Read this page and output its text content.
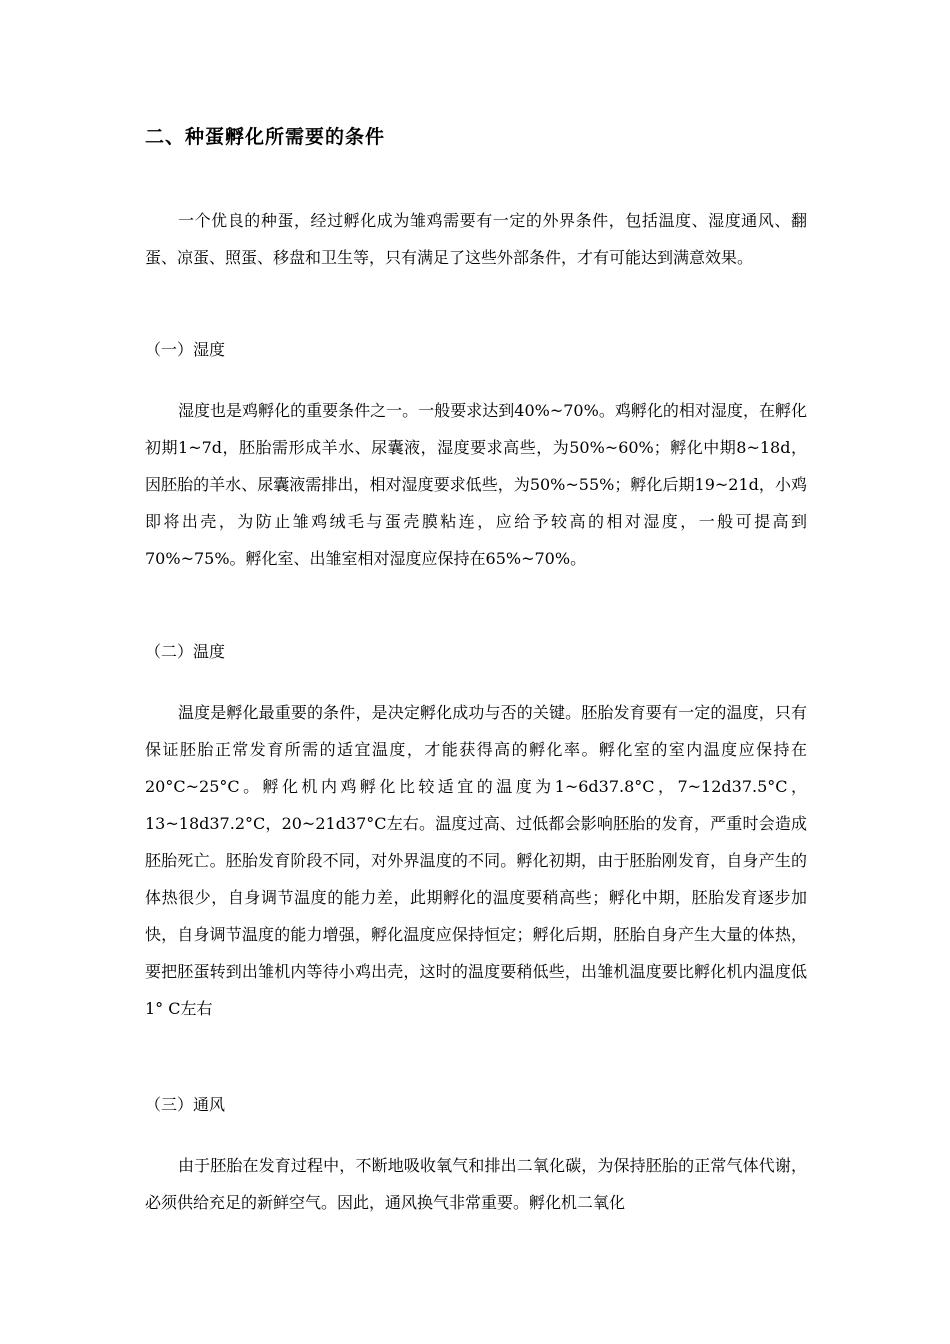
二、种蛋孵化所需要的条件

一个优良的种蛋，经过孵化成为雏鸡需要有一定的外界条件，包括温度、湿度通风、翻蛋、凉蛋、照蛋、移盘和卫生等，只有满足了这些外部条件，才有可能达到满意效果。

（一）湿度

湿度也是鸡孵化的重要条件之一。一般要求达到40%~70%。鸡孵化的相对湿度，在孵化初期1~7d，胚胎需形成羊水、尿囊液，湿度要求高些，为50%~60%；孵化中期8~18d，因胚胎的羊水、尿囊液需排出，相对湿度要求低些，为50%~55%；孵化后期19~21d，小鸡即将出壳，为防止雏鸡绒毛与蛋壳膜粘连，应给予较高的相对湿度，一般可提高到70%~75%。孵化室、出雏室相对湿度应保持在65%~70%。

（二）温度

温度是孵化最重要的条件，是决定孵化成功与否的关键。胚胎发育要有一定的温度，只有保证胚胎正常发育所需的适宜温度，才能获得高的孵化率。孵化室的室内温度应保持在20°C~25°C。孵化机内鸡孵化比较适宜的温度为1~6d37.8°C，7~12d37.5°C，13~18d37.2°C，20~21d37°C左右。温度过高、过低都会影响胚胎的发育，严重时会造成胚胎死亡。胚胎发育阶段不同，对外界温度的不同。孵化初期，由于胚胎刚发育，自身产生的体热很少，自身调节温度的能力差，此期孵化的温度要稍高些；孵化中期，胚胎发育逐步加快，自身调节温度的能力增强，孵化温度应保持恒定；孵化后期，胚胎自身产生大量的体热，要把胚蛋转到出雏机内等待小鸡出壳，这时的温度要稍低些，出雏机温度要比孵化机内温度低1° C左右

（三）通风

由于胚胎在发育过程中，不断地吸收氧气和排出二氧化碳，为保持胚胎的正常气体代谢，必须供给充足的新鲜空气。因此，通风换气非常重要。孵化机二氧化
